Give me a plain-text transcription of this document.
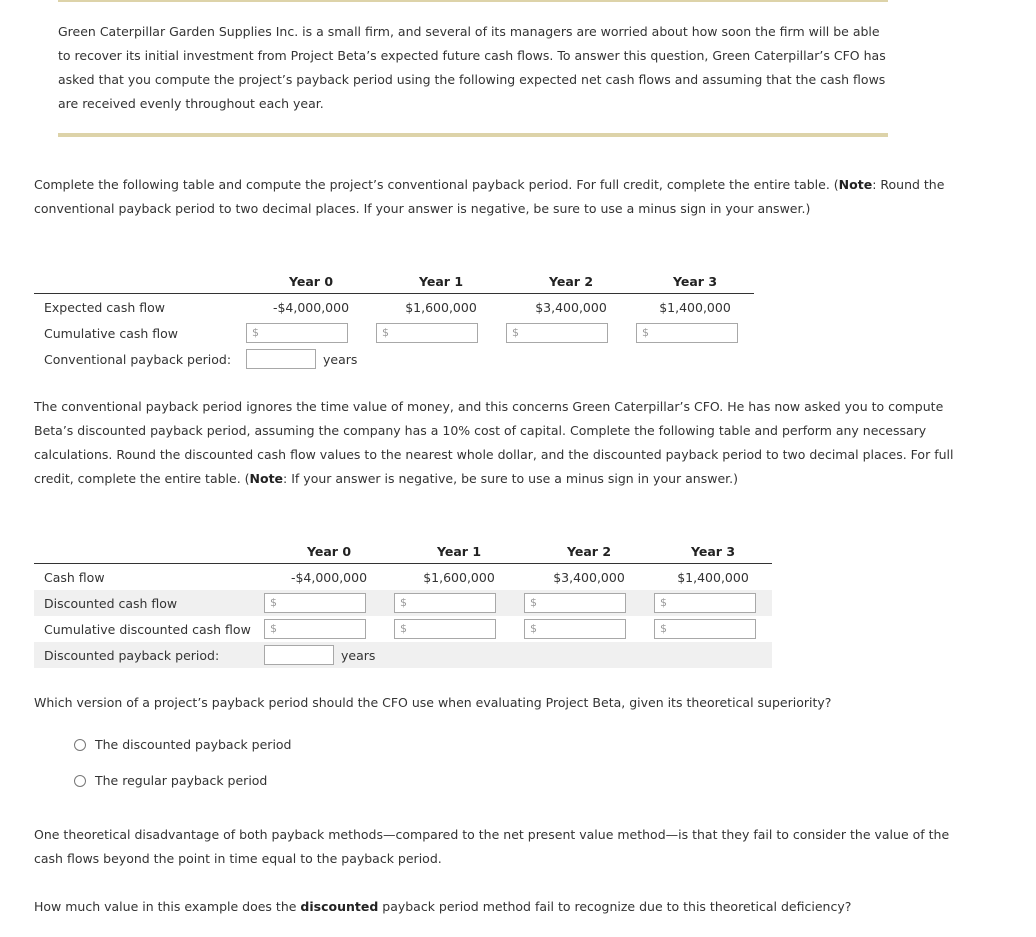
Green Caterpillar Garden Supplies Inc. is a small firm, and several of its managers are worried about how soon the firm will be able to recover its initial investment from Project Beta’s expected future cash flows. To answer this question, Green Caterpillar’s CFO has asked that you compute the project’s payback period using the following expected net cash flows and assuming that the cash flows are received evenly throughout each year.
Complete the following table and compute the project’s conventional payback period. For full credit, complete the entire table. (Note: Round the conventional payback period to two decimal places. If your answer is negative, be sure to use a minus sign in your answer.)
	Year 0	Year 1	Year 2	Year 3
Expected cash flow	-$4,000,000	$1,600,000	$3,400,000	$1,400,000
Cumulative cash flow	$	$	$	$

Conventional payback period:	years			
The conventional payback period ignores the time value of money, and this concerns Green Caterpillar’s CFO. He has now asked you to compute Beta’s discounted payback period, assuming the company has a 10% cost of capital. Complete the following table and perform any necessary calculations. Round the discounted cash flow values to the nearest whole dollar, and the discounted payback period to two decimal places. For full credit, complete the entire table. (Note: If your answer is negative, be sure to use a minus sign in your answer.)
	Year 0	Year 1	Year 2	Year 3
Cash flow	-$4,000,000	$1,600,000	$3,400,000	$1,400,000
Discounted cash flow	$	$	$	$

Cumulative discounted cash flow	$	$	$	$

Discounted payback period:	years			
Which version of a project’s payback period should the CFO use when evaluating Project Beta, given its theoretical superiority?
The discounted payback period
The regular payback period
One theoretical disadvantage of both payback methods—compared to the net present value method—is that they fail to consider the value of the cash flows beyond the point in time equal to the payback period.
How much value in this example does the discounted payback period method fail to recognize due to this theoretical deficiency?
